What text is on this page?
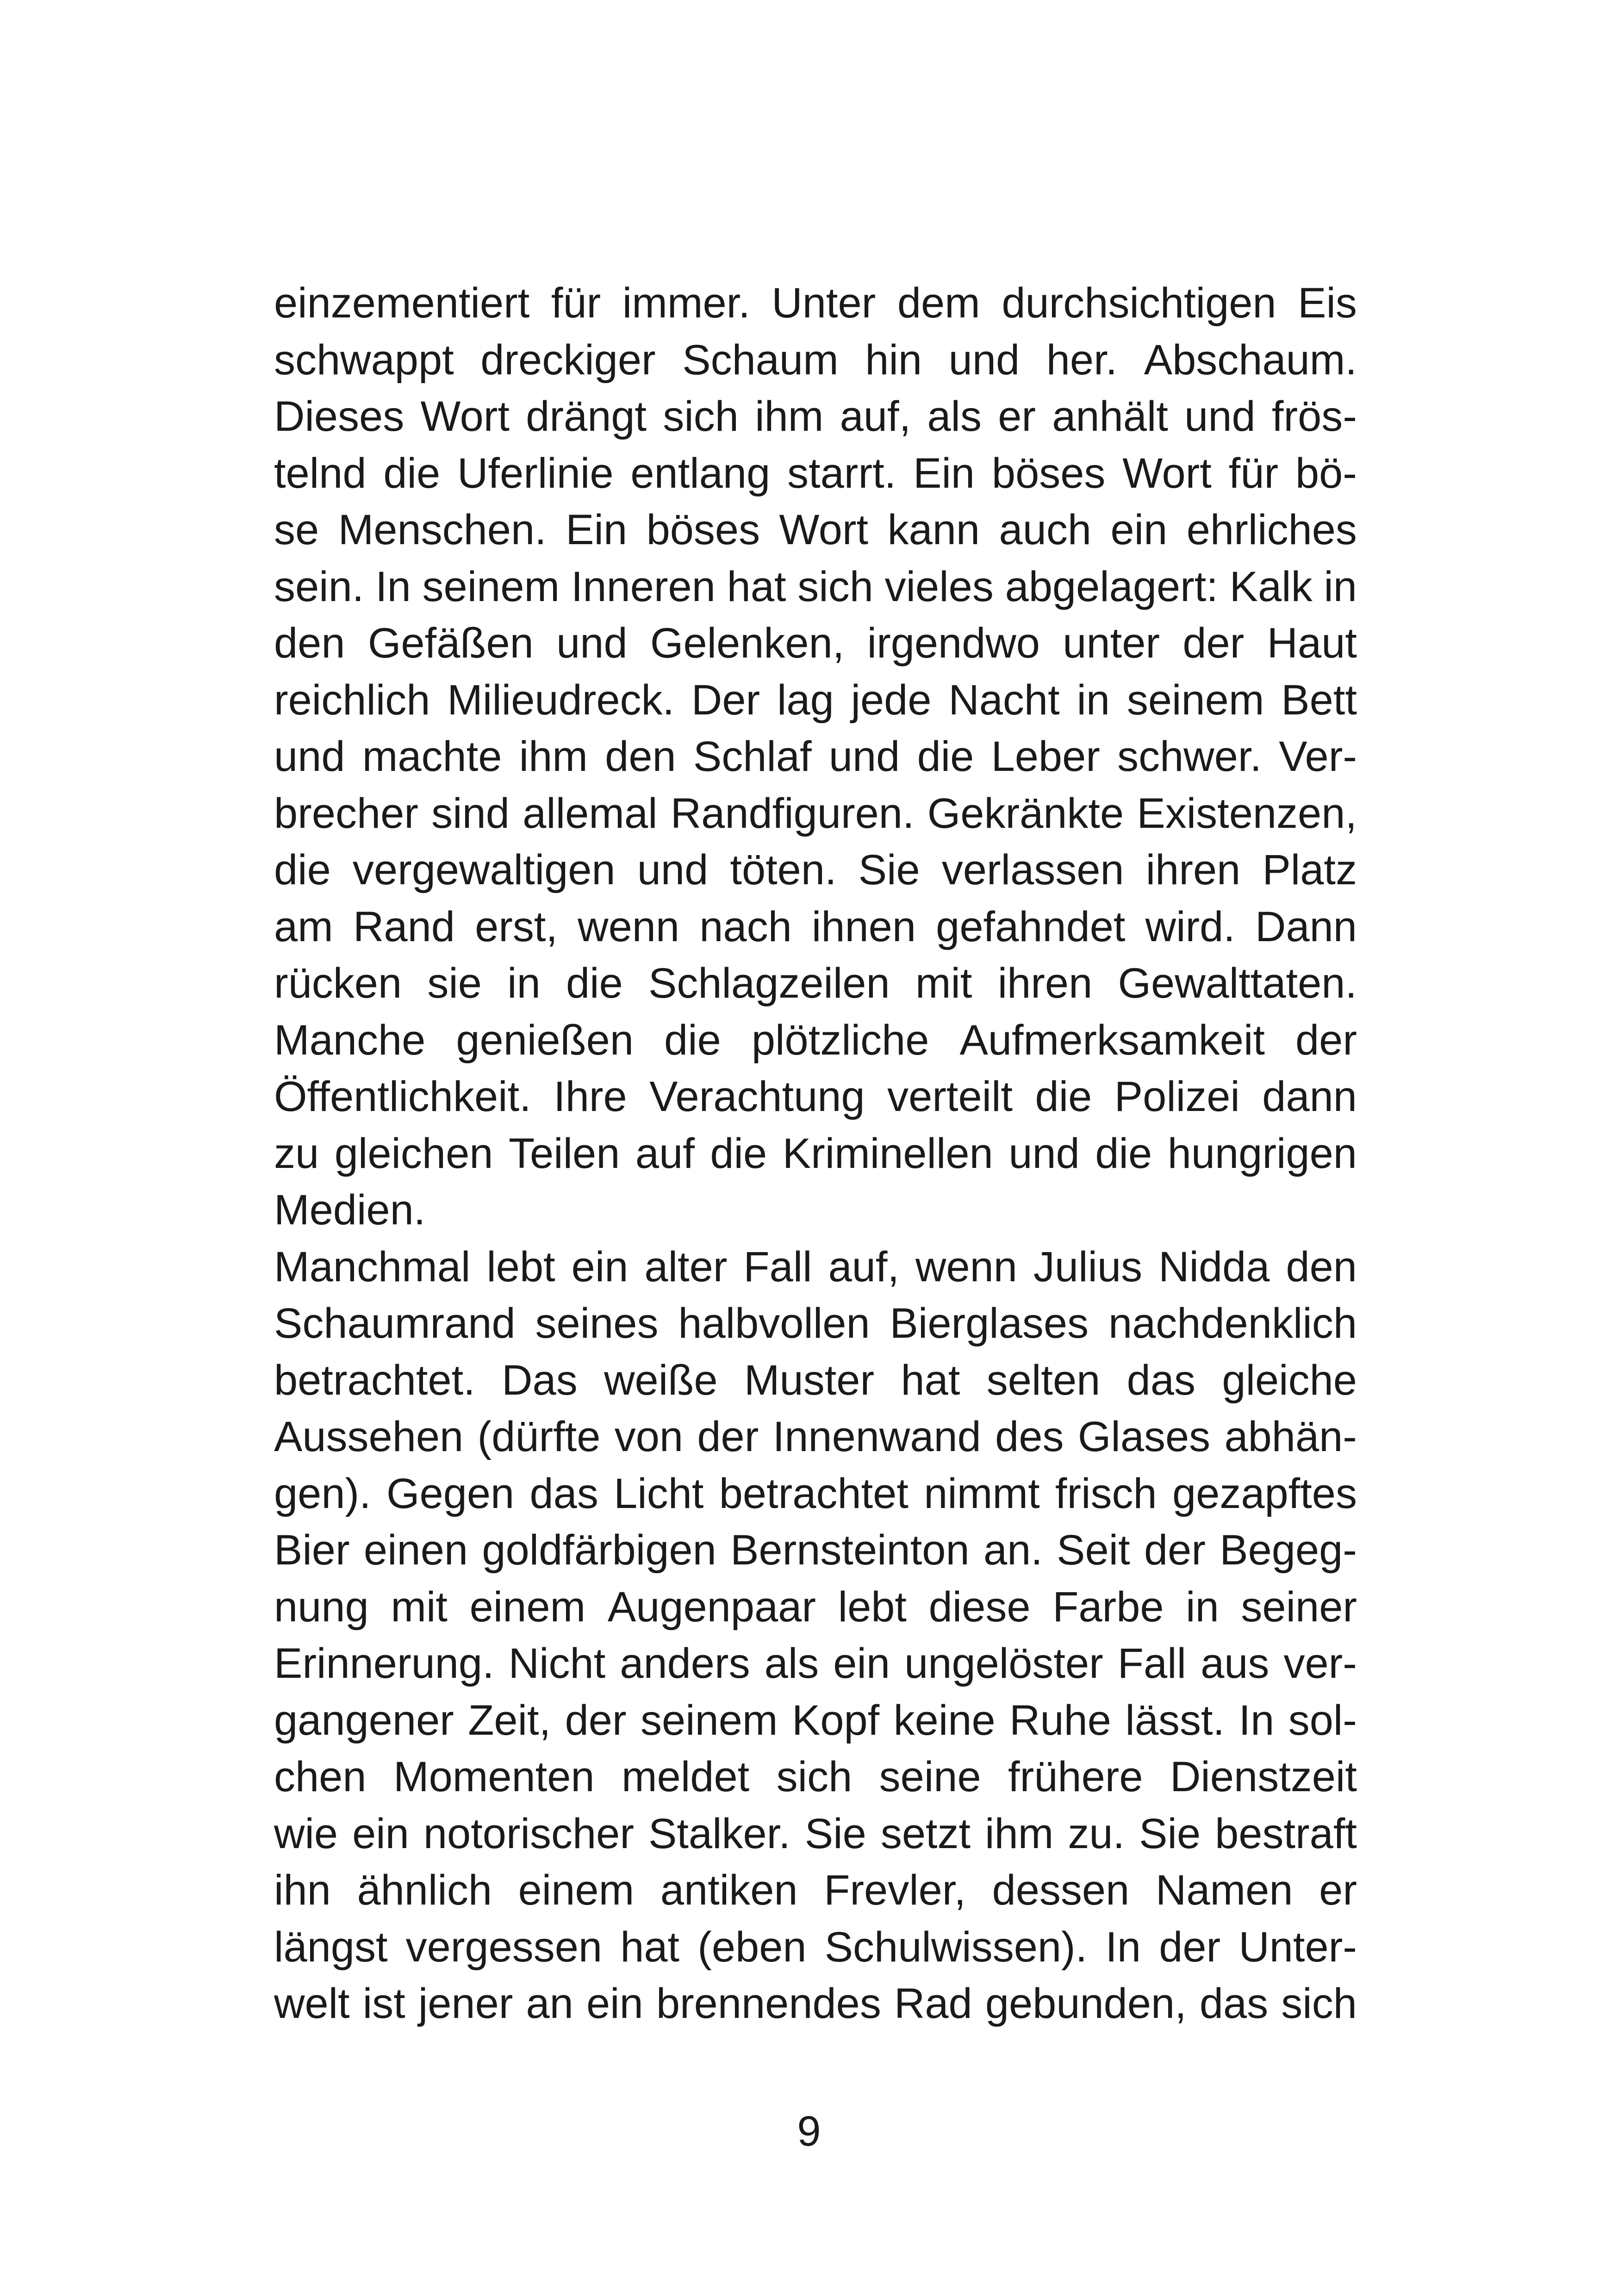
einzementiert für immer. Unter dem durchsichtigen Eis
schwappt dreckiger Schaum hin und her. Abschaum.
Dieses Wort drängt sich ihm auf, als er anhält und frös-
telnd die Uferlinie entlang starrt. Ein böses Wort für bö-
se Menschen. Ein böses Wort kann auch ein ehrliches
sein. In seinem Inneren hat sich vieles abgelagert: Kalk in
den Gefäßen und Gelenken, irgendwo unter der Haut
reichlich Milieudreck. Der lag jede Nacht in seinem Bett
und machte ihm den Schlaf und die Leber schwer. Ver-
brecher sind allemal Randfiguren. Gekränkte Existenzen,
die vergewaltigen und töten. Sie verlassen ihren Platz
am Rand erst, wenn nach ihnen gefahndet wird. Dann
rücken sie in die Schlagzeilen mit ihren Gewalttaten.
Manche genießen die plötzliche Aufmerksamkeit der
Öffentlichkeit. Ihre Verachtung verteilt die Polizei dann
zu gleichen Teilen auf die Kriminellen und die hungrigen
Medien.
Manchmal lebt ein alter Fall auf, wenn Julius Nidda den
Schaumrand seines halbvollen Bierglases nachdenklich
betrachtet. Das weiße Muster hat selten das gleiche
Aussehen (dürfte von der Innenwand des Glases abhän-
gen). Gegen das Licht betrachtet nimmt frisch gezapftes
Bier einen goldfärbigen Bernsteinton an. Seit der Begeg-
nung mit einem Augenpaar lebt diese Farbe in seiner
Erinnerung. Nicht anders als ein ungelöster Fall aus ver-
gangener Zeit, der seinem Kopf keine Ruhe lässt. In sol-
chen Momenten meldet sich seine frühere Dienstzeit
wie ein notorischer Stalker. Sie setzt ihm zu. Sie bestraft
ihn ähnlich einem antiken Frevler, dessen Namen er
längst vergessen hat (eben Schulwissen). In der Unter-
welt ist jener an ein brennendes Rad gebunden, das sich
9
